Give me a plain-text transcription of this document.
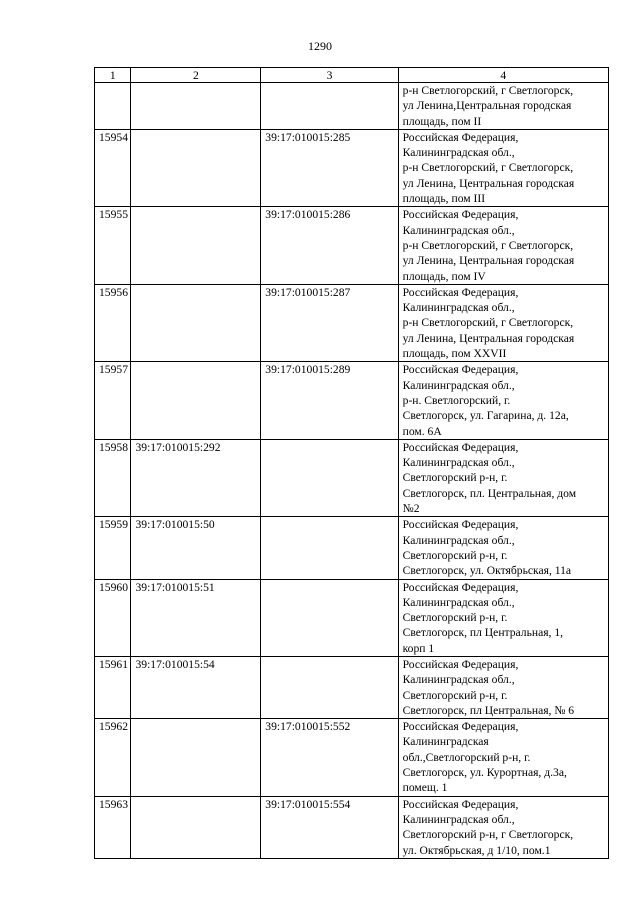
1290
1	2	3	4
			р-н Светлогорский, г Светлогорск,
ул Ленина,Центральная городская
площадь, пом II
15954		39:17:010015:285	Российская Федерация,
Калининградская обл.,
р-н Светлогорский, г Светлогорск,
ул Ленина, Центральная городская
площадь, пом III
15955		39:17:010015:286	Российская Федерация,
Калининградская обл.,
р-н Светлогорский, г Светлогорск,
ул Ленина, Центральная городская
площадь, пом IV
15956		39:17:010015:287	Российская Федерация,
Калининградская обл.,
р-н Светлогорский, г Светлогорск,
ул Ленина, Центральная городская
площадь, пом XXVII
15957		39:17:010015:289	Российская Федерация,
Калининградская обл.,
р-н. Светлогорский, г.
Светлогорск, ул. Гагарина, д. 12а,
пом. 6А
15958	39:17:010015:292		Российская Федерация,
Калининградская обл.,
Светлогорский р-н, г.
Светлогорск, пл. Центральная, дом
№2
15959	39:17:010015:50		Российская Федерация,
Калининградская обл.,
Светлогорский р-н, г.
Светлогорск, ул. Октябрьская, 11а
15960	39:17:010015:51		Российская Федерация,
Калининградская обл.,
Светлогорский р-н, г.
Светлогорск, пл Центральная, 1,
корп 1
15961	39:17:010015:54		Российская Федерация,
Калининградская обл.,
Светлогорский р-н, г.
Светлогорск, пл Центральная, № 6
15962		39:17:010015:552	Российская Федерация,
Калининградская
обл.,Светлогорский р-н, г.
Светлогорск, ул. Курортная, д.3а,
помещ. 1
15963		39:17:010015:554	Российская Федерация,
Калининградская обл.,
Светлогорский р-н, г Светлогорск,
ул. Октябрьская, д 1/10, пом.1
